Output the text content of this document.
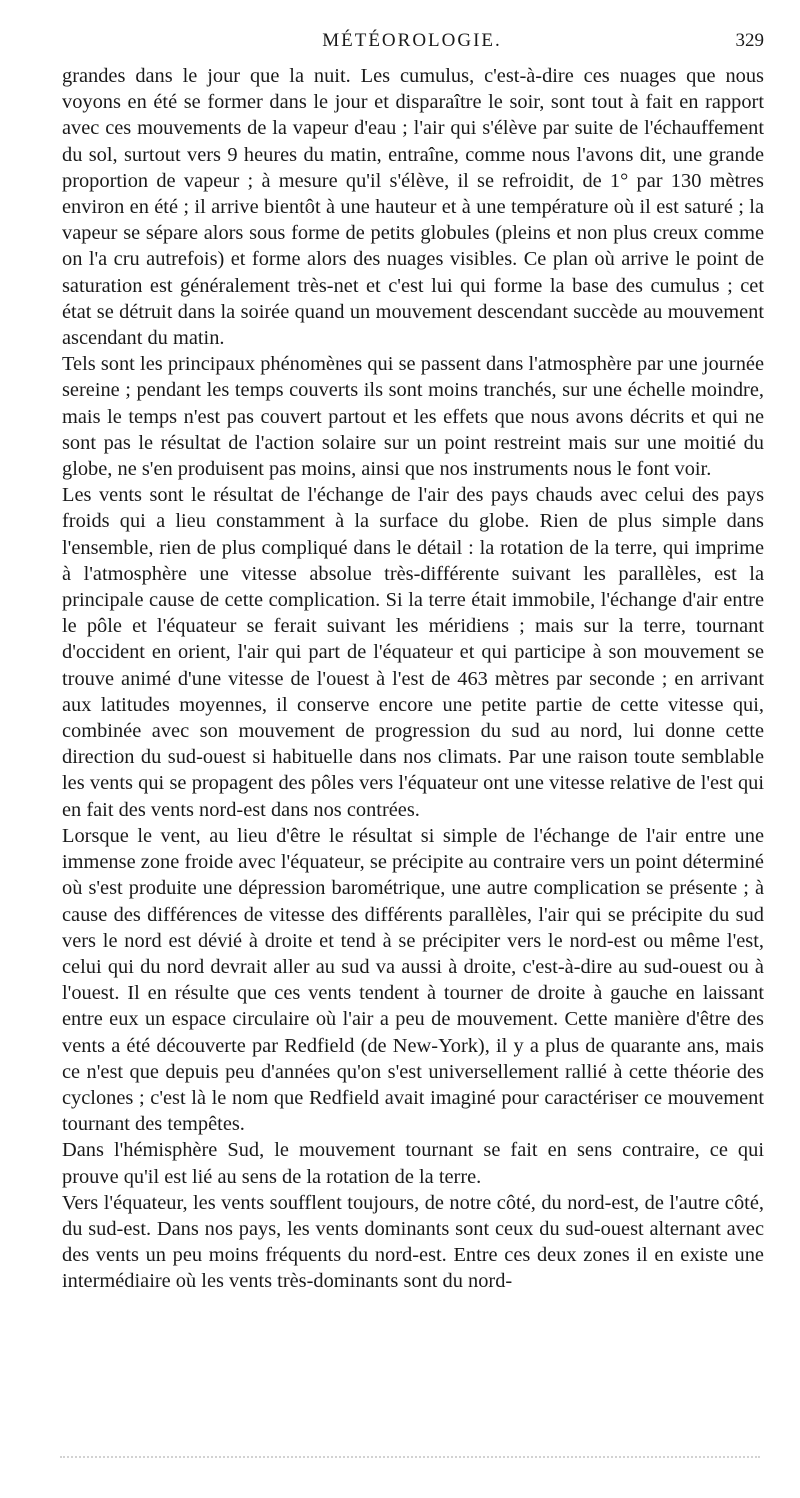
MÉTÉOROLOGIE.	329

grandes dans le jour que la nuit. Les cumulus, c'est-à-dire ces nuages que nous voyons en été se former dans le jour et disparaître le soir, sont tout à fait en rapport avec ces mouvements de la vapeur d'eau ; l'air qui s'élève par suite de l'échauffement du sol, surtout vers 9 heures du matin, entraîne, comme nous l'avons dit, une grande proportion de vapeur ; à mesure qu'il s'élève, il se refroidit, de 1° par 130 mètres environ en été ; il arrive bientôt à une hauteur et à une température où il est saturé ; la vapeur se sépare alors sous forme de petits globules (pleins et non plus creux comme on l'a cru autrefois) et forme alors des nuages visibles. Ce plan où arrive le point de saturation est généralement très-net et c'est lui qui forme la base des cumulus ; cet état se détruit dans la soirée quand un mouvement descendant succède au mouvement ascendant du matin.

Tels sont les principaux phénomènes qui se passent dans l'atmosphère par une journée sereine ; pendant les temps couverts ils sont moins tranchés, sur une échelle moindre, mais le temps n'est pas couvert partout et les effets que nous avons décrits et qui ne sont pas le résultat de l'action solaire sur un point restreint mais sur une moitié du globe, ne s'en produisent pas moins, ainsi que nos instruments nous le font voir.

Les vents sont le résultat de l'échange de l'air des pays chauds avec celui des pays froids qui a lieu constamment à la surface du globe. Rien de plus simple dans l'ensemble, rien de plus compliqué dans le détail : la rotation de la terre, qui imprime à l'atmosphère une vitesse absolue très-différente suivant les parallèles, est la principale cause de cette complication. Si la terre était immobile, l'échange d'air entre le pôle et l'équateur se ferait suivant les méridiens ; mais sur la terre, tournant d'occident en orient, l'air qui part de l'équateur et qui participe à son mouvement se trouve animé d'une vitesse de l'ouest à l'est de 463 mètres par seconde ; en arrivant aux latitudes moyennes, il conserve encore une petite partie de cette vitesse qui, combinée avec son mouvement de progression du sud au nord, lui donne cette direction du sud-ouest si habituelle dans nos climats. Par une raison toute semblable les vents qui se propagent des pôles vers l'équateur ont une vitesse relative de l'est qui en fait des vents nord-est dans nos contrées.

Lorsque le vent, au lieu d'être le résultat si simple de l'échange de l'air entre une immense zone froide avec l'équateur, se précipite au contraire vers un point déterminé où s'est produite une dépression barométrique, une autre complication se présente ; à cause des différences de vitesse des différents parallèles, l'air qui se précipite du sud vers le nord est dévié à droite et tend à se précipiter vers le nord-est ou même l'est, celui qui du nord devrait aller au sud va aussi à droite, c'est-à-dire au sud-ouest ou à l'ouest. Il en résulte que ces vents tendent à tourner de droite à gauche en laissant entre eux un espace circulaire où l'air a peu de mouvement. Cette manière d'être des vents a été découverte par Redfield (de New-York), il y a plus de quarante ans, mais ce n'est que depuis peu d'années qu'on s'est universellement rallié à cette théorie des cyclones ; c'est là le nom que Redfield avait imaginé pour caractériser ce mouvement tournant des tempêtes.

Dans l'hémisphère Sud, le mouvement tournant se fait en sens contraire, ce qui prouve qu'il est lié au sens de la rotation de la terre.

Vers l'équateur, les vents soufflent toujours, de notre côté, du nord-est, de l'autre côté, du sud-est. Dans nos pays, les vents dominants sont ceux du sud-ouest alternant avec des vents un peu moins fréquents du nord-est. Entre ces deux zones il en existe une intermédiaire où les vents très-dominants sont du nord-
